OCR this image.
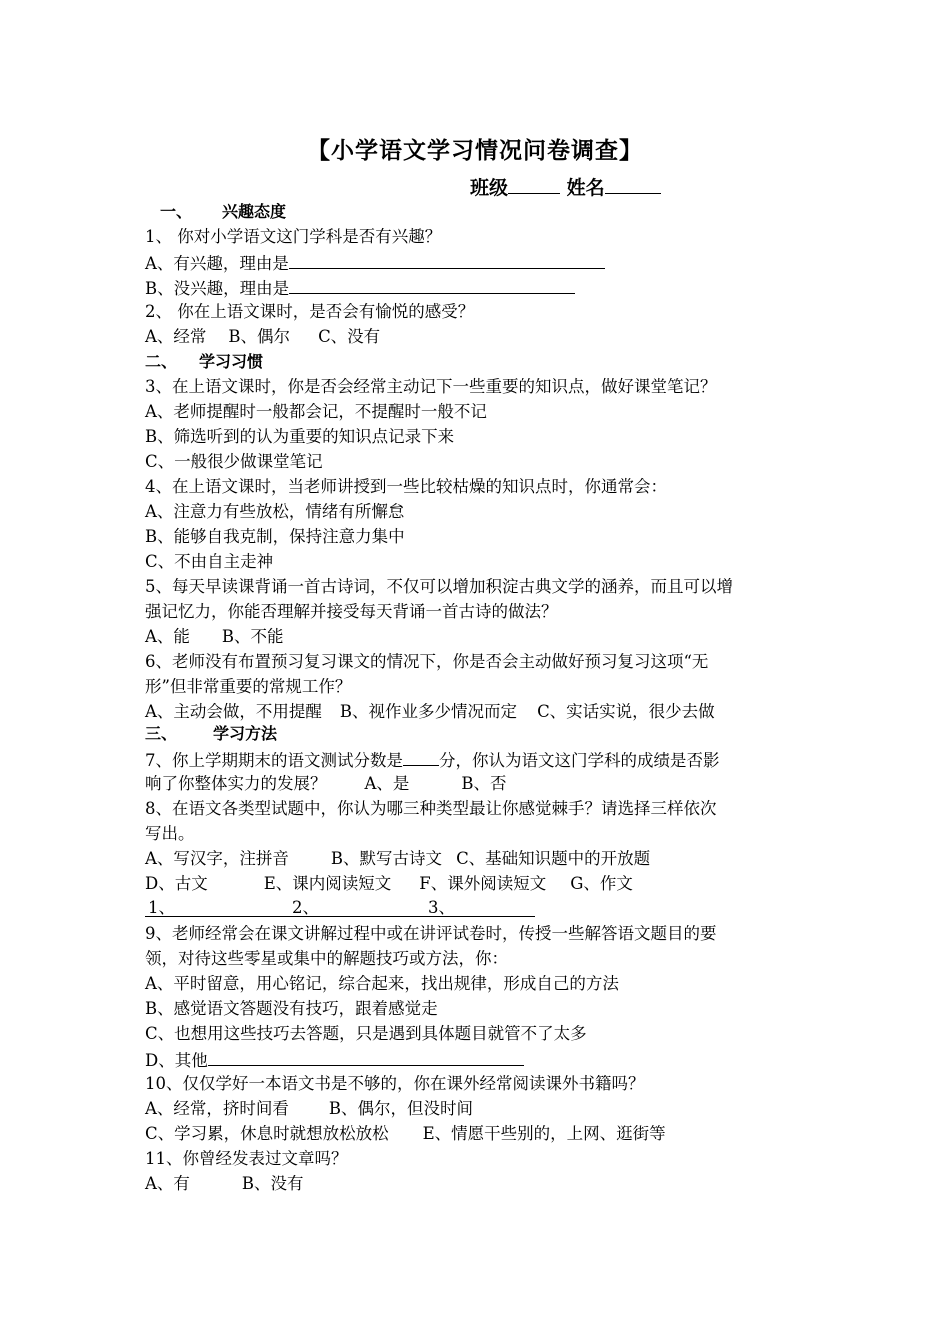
【小学语文学习情况问卷调查】
班级	姓名
一、 兴趣态度
1、 你对小学语文这门学科是否有兴趣？
A、有兴趣，理由是
B、没兴趣，理由是
2、 你在上语文课时，是否会有愉悦的感受？
A、经常 B、偶尔 C、没有
二、 学习习惯
3、在上语文课时，你是否会经常主动记下一些重要的知识点，做好课堂笔记？
A、老师提醒时一般都会记，不提醒时一般不记
B、筛选听到的认为重要的知识点记录下来
C、一般很少做课堂笔记
4、在上语文课时，当老师讲授到一些比较枯燥的知识点时，你通常会：
A、注意力有些放松，情绪有所懈怠
B、能够自我克制，保持注意力集中
C、不由自主走神
5、每天早读课背诵一首古诗词，不仅可以增加积淀古典文学的涵养，而且可以增
强记忆力，你能否理解并接受每天背诵一首古诗的做法？
A、能 B、不能
6、老师没有布置预习复习课文的情况下，你是否会主动做好预习复习这项“无
形”但非常重要的常规工作？
A、主动会做，不用提醒 B、视作业多少情况而定 C、实话实说，很少去做
三、 学习方法
7、你上学期期末的语文测试分数是 分，你认为语文这门学科的成绩是否影
响了你整体实力的发展？ A、是	B、否
8、在语文各类型试题中，你认为哪三种类型最让你感觉棘手？请选择三样依次
写出。
A、写汉字，注拼音	B、默写古诗文 C、基础知识题中的开放题
D、古文	E、课内阅读短文 F、课外阅读短文 G、作文
1、	2、	3、
9、老师经常会在课文讲解过程中或在讲评试卷时，传授一些解答语文题目的要
领，对待这些零星或集中的解题技巧或方法，你：
A、平时留意，用心铭记，综合起来，找出规律，形成自己的方法
B、感觉语文答题没有技巧，跟着感觉走
C、也想用这些技巧去答题，只是遇到具体题目就管不了太多
D、其他
10、仅仅学好一本语文书是不够的，你在课外经常阅读课外书籍吗？
A、经常，挤时间看 B、偶尔，但没时间
C、学习累，休息时就想放松放松 E、情愿干些别的，上网、逛街等
11、你曾经发表过文章吗？
A、有	B、没有
